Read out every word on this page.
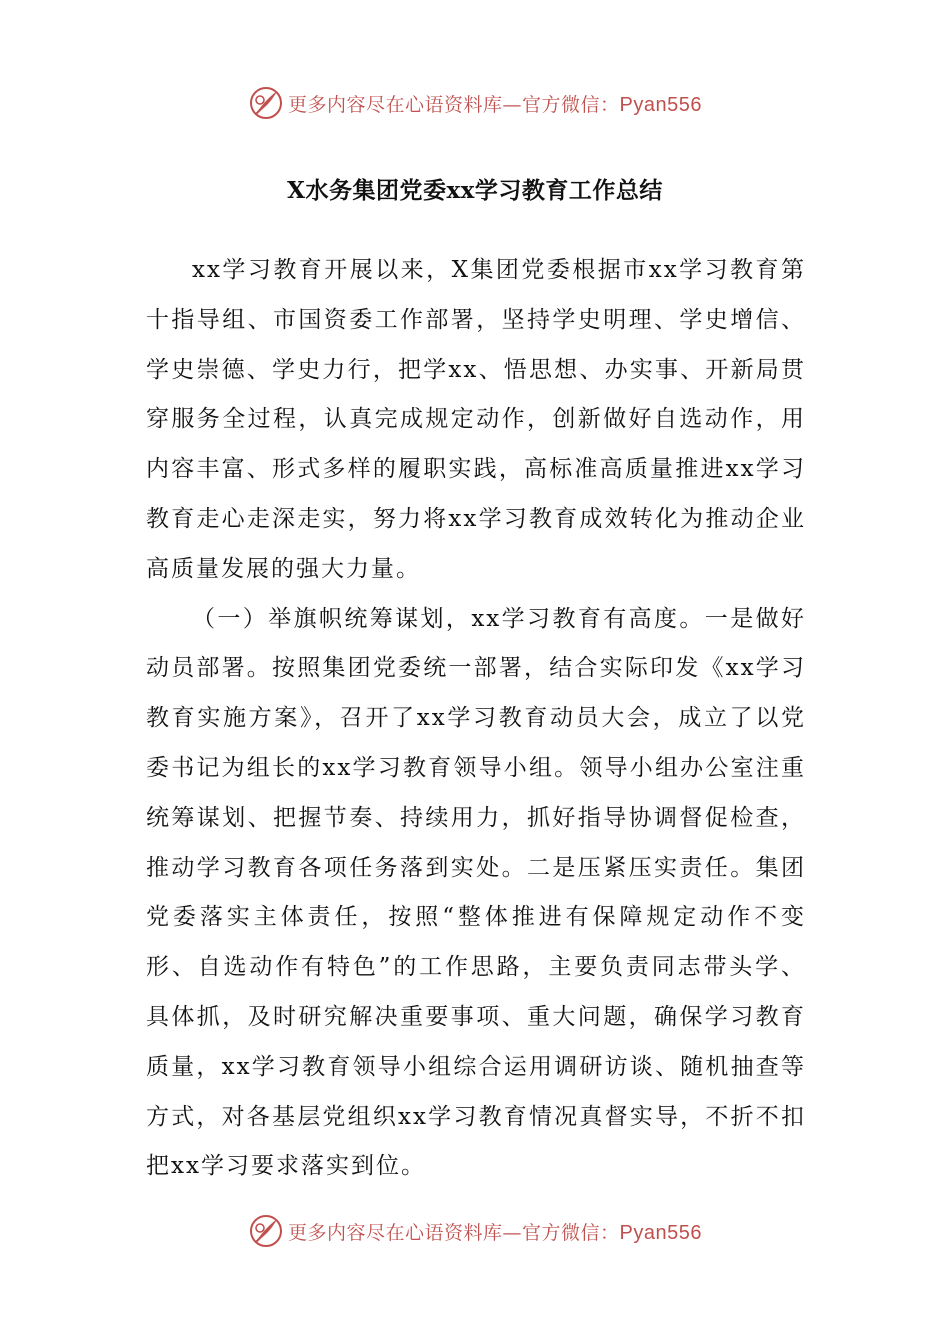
更多内容尽在心语资料库—官方微信：Pyan556
X水务集团党委xx学习教育工作总结

xx学习教育开展以来，X集团党委根据市xx学习教育第十指导组、市国资委工作部署，坚持学史明理、学史增信、学史崇德、学史力行，把学xx、悟思想、办实事、开新局贯穿服务全过程，认真完成规定动作，创新做好自选动作，用内容丰富、形式多样的履职实践，高标准高质量推进xx学习教育走心走深走实，努力将xx学习教育成效转化为推动企业高质量发展的强大力量。

（一）举旗帜统筹谋划，xx学习教育有高度。一是做好动员部署。按照集团党委统一部署，结合实际印发《xx学习教育实施方案》，召开了xx学习教育动员大会，成立了以党委书记为组长的xx学习教育领导小组。领导小组办公室注重统筹谋划、把握节奏、持续用力，抓好指导协调督促检查，推动学习教育各项任务落到实处。二是压紧压实责任。集团党委落实主体责任，按照“整体推进有保障规定动作不变形、自选动作有特色”的工作思路，主要负责同志带头学、具体抓，及时研究解决重要事项、重大问题，确保学习教育质量，xx学习教育领导小组综合运用调研访谈、随机抽查等方式，对各基层党组织xx学习教育情况真督实导，不折不扣把xx学习要求落实到位。

更多内容尽在心语资料库—官方微信：Pyan556
